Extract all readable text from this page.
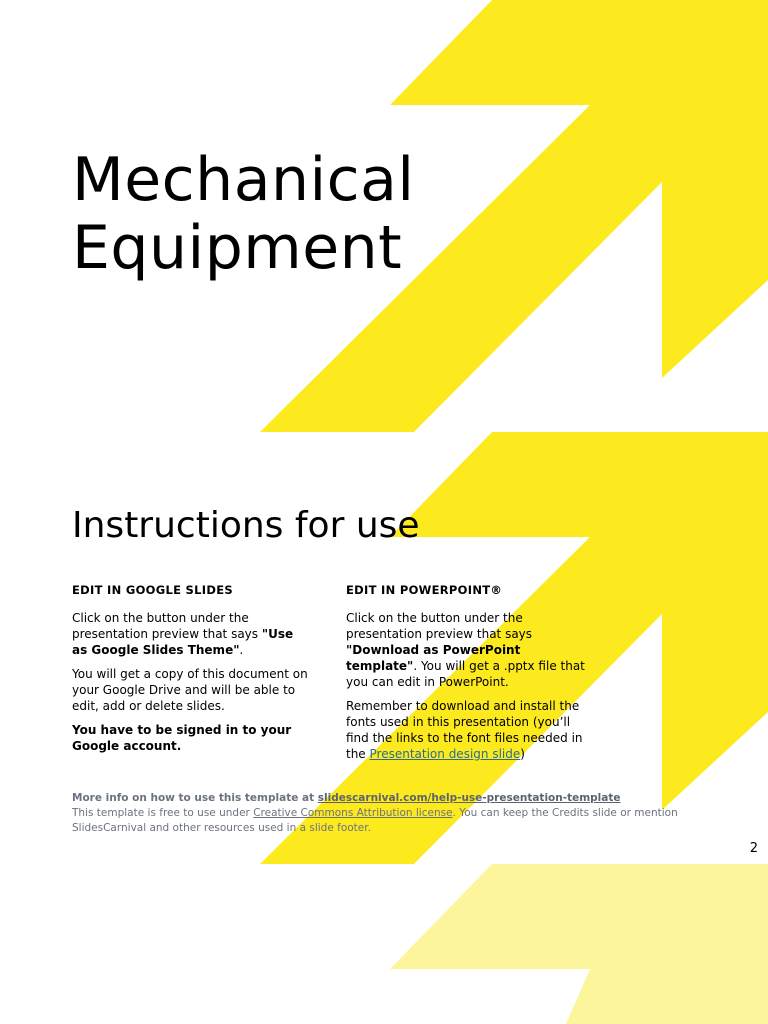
Mechanical
Equipment
Instructions for use
EDIT IN GOOGLE SLIDES

Click on the button under the presentation preview that says "Use as Google Slides Theme".

You will get a copy of this document on your Google Drive and will be able to edit, add or delete slides.

You have to be signed in to your Google account.

EDIT IN POWERPOINT®

Click on the button under the presentation preview that says "Download as PowerPoint template". You will get a .pptx file that you can edit in PowerPoint.

Remember to download and install the fonts used in this presentation (you’ll find the links to the font files needed in the Presentation design slide)

More info on how to use this template at slidescarnival.com/help-use-presentation-template
This template is free to use under Creative Commons Attribution license. You can keep the Credits slide or mention SlidesCarnival and other resources used in a slide footer.
2
